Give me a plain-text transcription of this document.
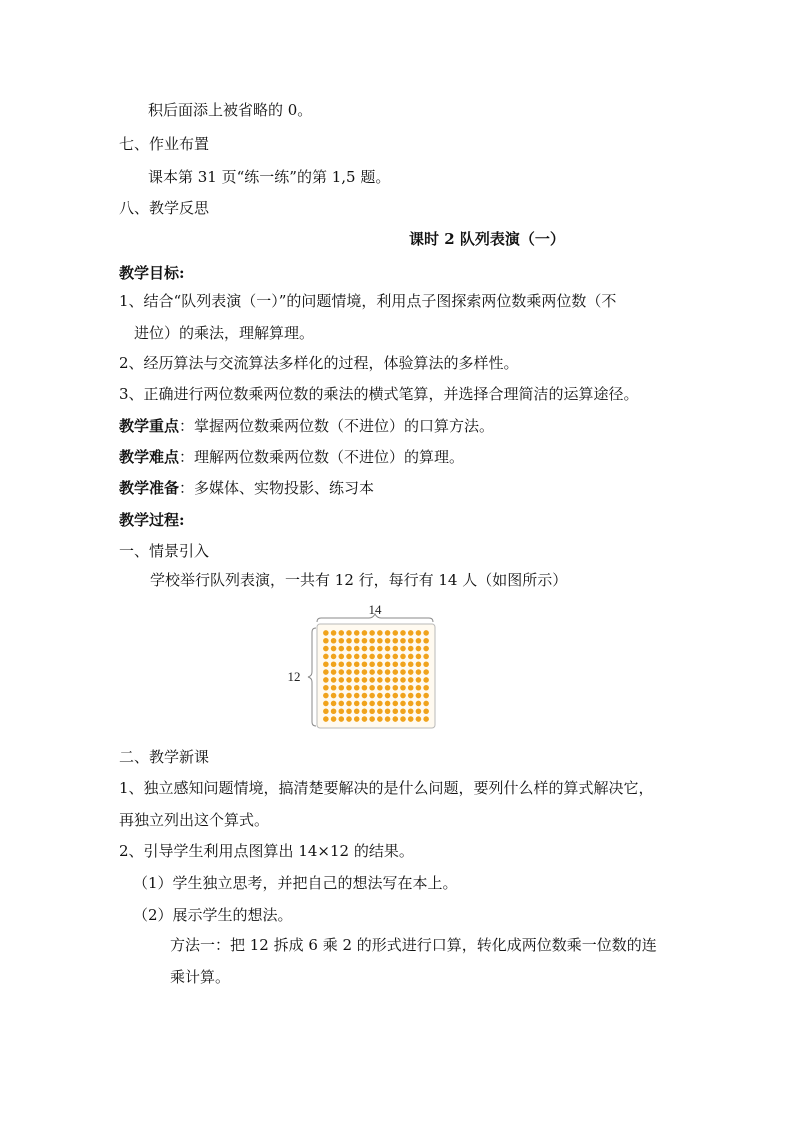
积后面添上被省略的 0。
七、作业布置
课本第 31 页“练一练”的第 1,5 题。
八、教学反思
课时 2 队列表演（一）
教学目标:
1、结合“队列表演（一）”的问题情境，利用点子图探索两位数乘两位数（不
进位）的乘法，理解算理。
2、经历算法与交流算法多样化的过程，体验算法的多样性。
3、正确进行两位数乘两位数的乘法的横式笔算，并选择合理简洁的运算途径。
教学重点：掌握两位数乘两位数（不进位）的口算方法。
教学难点：理解两位数乘两位数（不进位）的算理。
教学准备：多媒体、实物投影、练习本
教学过程:
一、情景引入
学校举行队列表演，一共有 12 行，每行有 14 人（如图所示）
14
12
二、教学新课
1、独立感知问题情境，搞清楚要解决的是什么问题，要列什么样的算式解决它，
再独立列出这个算式。
2、引导学生利用点图算出 14×12 的结果。
（1）学生独立思考，并把自己的想法写在本上。
（2）展示学生的想法。
方法一：把 12 拆成 6 乘 2 的形式进行口算，转化成两位数乘一位数的连
乘计算。
